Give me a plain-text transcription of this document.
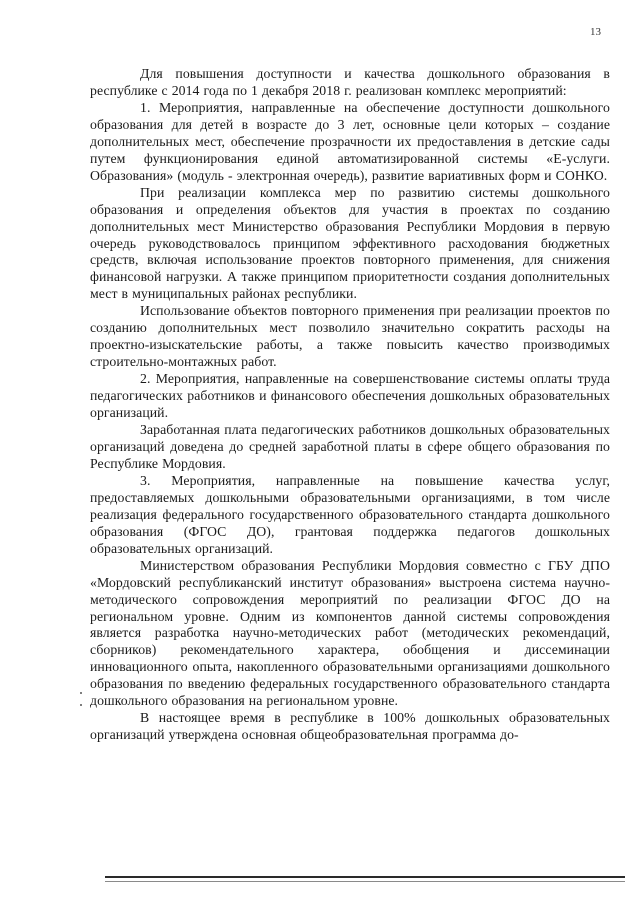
13

Для повышения доступности и качества дошкольного образования в республике с 2014 года по 1 декабря 2018 г. реализован комплекс мероприятий:

1. Мероприятия, направленные на обеспечение доступности дошкольного образования для детей в возрасте до 3 лет, основные цели которых – создание дополнительных мест, обеспечение прозрачности их предоставления в детские сады путем функционирования единой автоматизированной системы «Е-услуги. Образования» (модуль - электронная очередь), развитие вариативных форм и СОНКО.

При реализации комплекса мер по развитию системы дошкольного образования и определения объектов для участия в проектах по созданию дополнительных мест Министерство образования Республики Мордовия в первую очередь руководствовалось принципом эффективного расходования бюджетных средств, включая использование проектов повторного применения, для снижения финансовой нагрузки. А также принципом приоритетности создания дополнительных мест в муниципальных районах республики.

Использование объектов повторного применения при реализации проектов по созданию дополнительных мест позволило значительно сократить расходы на проектно-изыскательские работы, а также повысить качество производимых строительно-монтажных работ.

2. Мероприятия, направленные на совершенствование системы оплаты труда педагогических работников и финансового обеспечения дошкольных образовательных организаций.

Заработанная плата педагогических работников дошкольных образовательных организаций доведена до средней заработной платы в сфере общего образования по Республике Мордовия.

3. Мероприятия, направленные на повышение качества услуг, предоставляемых дошкольными образовательными организациями, в том числе реализация федерального государственного образовательного стандарта дошкольного образования (ФГОС ДО), грантовая поддержка педагогов дошкольных образовательных организаций.

Министерством образования Республики Мордовия совместно с ГБУ ДПО «Мордовский республиканский институт образования» выстроена система научно-методического сопровождения мероприятий по реализации ФГОС ДО на региональном уровне. Одним из компонентов данной системы сопровождения является разработка научно-методических работ (методических рекомендаций, сборников) рекомендательного характера, обобщения и диссеминации инновационного опыта, накопленного образовательными организациями дошкольного образования по введению федеральных государственного образовательного стандарта дошкольного образования на региональном уровне.

В настоящее время в республике в 100% дошкольных образовательных организаций утверждена основная общеобразовательная программа до-
